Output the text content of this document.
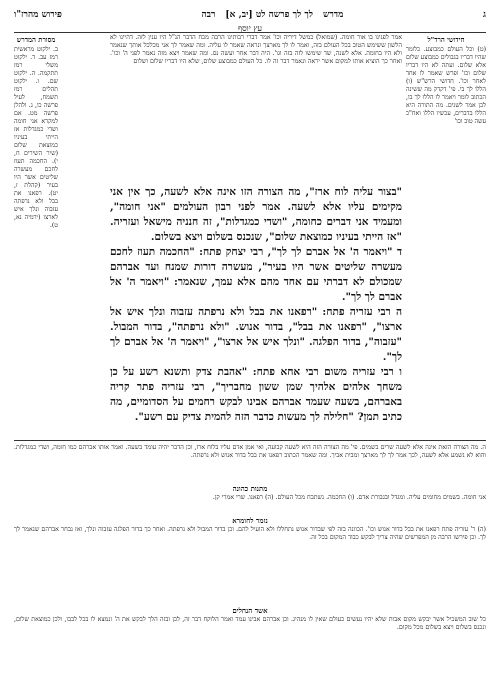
ג
מדרש
לך לך פרשה לט [יב, א]
רבה
פירוש מהרז"ו
עץ יוסף
חידושי הרד"ל
(ט) וכל העולם כמבוצע. כלומר שהיו דבריו בגבולים כמבוצע שלום אלא שלום. ועתה לא היו דבריו שלום וכו' ופרש שאמר לו אחד לאחר וכו'. חדושי הרש"ש (ו) הללו לך בי. פי' דקדק מה ששינה הכתוב לומר ויאמר לו הללו לך בו, לכן אמר לשנים. מה התורה היא הללו בדברים, עכשיו הללו ואח"כ עשה טוב וכו'
אמר לפנינו בו אור חומה. (שמואל) כמשל דיריה וכו' אמר דברי רבותינו הרבה מכח הדבר הנ"ל היו ענין לזה. דהיינו לא הלשון ששימש הטוב בכל העולם בזה, ואמר לו לך מארצך ונראה שאמר לו עליה. ומה שאמר לך אני מכלכל אותך שנאמר ולא היו בחומה. אלא לשנה, שד שימשו לזה בזה וגו'. היה דבר אחר ועשה נס. ומה שאמר ויצא מזה נאמר לפני ה' וכו'. ואחר כך הוציא אותו למקום אשר יראה ונאמר דבר זה לו. כל העולם כמבוצע שלום, שלא היו דבריו שלום ושלום
"בצור עליה לוח ארז", מה הצורה הזו אינה אלא לשעה, כך אין אני מקימים עליו אלא לשעה. אמר לפני רבון העולמים "אני חומה", ומעמיד אני דברים כחומה, "ושדי כמגדלות", זה חנניה מישאל ועזריה. "אז הייתי בעיניו כמוצאת שלום", שנכנס בשלום ויצא בשלום.
ד "ויאמר ה' אל אברם לך לך", רבי יצחק פתח: "החכמה תעוז לחכם מעשרה שליטים אשר היו בעיר", מעשרה דורות שמנח ועד אברהם שמכולם לא דברתי עם אחד מהם אלא עמך, שנאמר: "ויאמר ה' אל אברם לך לך".
ה רבי עזריה פתח: "רפאנו את בבל ולא נרפתה עזבוה ונלך איש אל ארצו", "רפאנו את בבל", בדור אנוש. "ולא נרפתה", בדור המבול. "עזבוה", בדור הפלגה. "ונלך איש אל ארצו", "ויאמר ה' אל אברם לך לך".
ו רבי עזריה משום רבי אחא פתח: "אהבת צדק ותשנא רשע על כן משחך אלהים אלהיך שמן ששון מחבריך", רבי עזריה פתר קריה באברהם, בשעה שעמד אברהם אבינו לבקש רחמים על הסדומיים, מה כתיב תמן? "חלילה לך מעשות כדבר הזה להמית צדיק עם רשע".
מסורת המדרש
ב. ילקוט מראשית רמז עב. ד. ילקוט משלי רמז תתקמה. ה. ילקוט שם. ו. ילקוט תהלים רמז תשמח, לעיל פרשה כו, ג. ולהלן פרשה מט. אם למקרא אני חומה ושדי כמגדלות אז הייתי בעיניו כמוצאת שלום (שיר השירים ח, י). החכמה תעוז לחכם מעשרה שליטים אשר היו בעיר (קהלת ז, יט). רפאנו את בבל ולא נרפתה עזבוה ונלך איש לארצו (ירמיה נא, ט).
ה. מה הצורה הזאת אינה אלא לשעה שרים בשמים. פי' מה הצורה הזה היא לשעה קבועה, ואי אמן אדם עליו בלוח ארז, וכן הדבר יהיה עומד בשעה. ואמר אותו אברהם כמו חומה, ושדי כמגדלות. והוא לא נשמע אלא לשעה, לכך אמר לך לך מארצך ומבית אביך. ומה שאמר הכתוב רפאנו את בבל בדור אנוש ולא נרפתה.
מתנות כהונה
אני חומה. בשמים מחומים עליה. ומגדל ובגבורת אדם. (ו) החכמה. נשתבח מכל העולם. (ה) רפאנו. שרי אמרי קן.
נזמר לחומרא
(ה) ר' עזריה פתח רפאנו את בבל בדור אנוש וכו'. הכוונה בזה לפי שבדור אנוש נתחללו ולא הועיל להם. וכן בדור המבול ולא נרפתה. ואחר כך בדור הפלגה עזבוה ונלך, ואז נבחר אברהם שנאמר לך לך. וכן פירשו הרבה מן המפרשים שהיה צריך לבקש כבוד המקום בכל זה.
אשד הנחלים
כל שוב המשכיל אשר יבקש מקום אבות שלא יהיו נעשים כעולם שאין לו מנהיג. וכן אברהם אבינו עמד ואמר הלוקח דבר זה, לכן ובזה הלך לבקש את ה' ונמצא לו בכל לבבו, ולכן כמוצאת שלום, ונכנס בשלום ויצא בשלום מכל מקום.
